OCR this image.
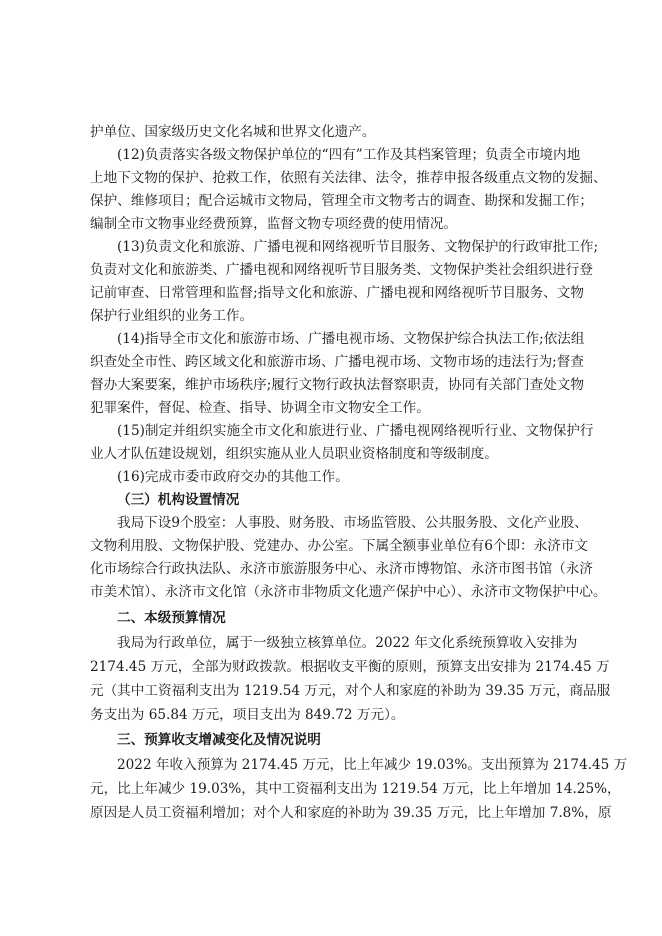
护单位、国家级历史文化名城和世界文化遗产。
(12)负责落实各级文物保护单位的“四有”工作及其档案管理；负责全市境内地
上地下文物的保护、抢救工作，依照有关法律、法令，推荐申报各级重点文物的发掘、
保护、维修项目；配合运城市文物局，管理全市文物考古的调查、勘探和发掘工作；
编制全市文物事业经费预算，监督文物专项经费的使用情况。
(13)负责文化和旅游、广播电视和网络视听节目服务、文物保护的行政审批工作;
负责对文化和旅游类、广播电视和网络视听节目服务类、文物保护类社会组织进行登
记前审查、日常管理和监督;指导文化和旅游、广播电视和网络视听节目服务、文物
保护行业组织的业务工作。
(14)指导全市文化和旅游市场、广播电视市场、文物保护综合执法工作;依法组
织查处全市性、跨区域文化和旅游市场、广播电视市场、文物市场的违法行为;督查
督办大案要案，维护市场秩序;履行文物行政执法督察职责，协同有关部门查处文物
犯罪案件，督促、检查、指导、协调全市文物安全工作。
(15)制定并组织实施全市文化和旅进行业、广播电视网络视听行业、文物保护行
业人才队伍建设规划，组织实施从业人员职业资格制度和等级制度。
(16)完成市委市政府交办的其他工作。
（三）机构设置情况
我局下设9个股室：人事股、财务股、市场监管股、公共服务股、文化产业股、
文物利用股、文物保护股、党建办、办公室。下属全额事业单位有6个即：永济市文
化市场综合行政执法队、永济市旅游服务中心、永济市博物馆、永济市图书馆（永济
市美术馆）、永济市文化馆（永济市非物质文化遗产保护中心）、永济市文物保护中心。
二、本级预算情况
我局为行政单位，属于一级独立核算单位。2022 年文化系统预算收入安排为
2174.45 万元，全部为财政拨款。根据收支平衡的原则，预算支出安排为 2174.45 万
元（其中工资福利支出为 1219.54 万元，对个人和家庭的补助为 39.35 万元，商品服
务支出为 65.84 万元，项目支出为 849.72 万元）。
三、预算收支增减变化及情况说明
2022 年收入预算为 2174.45 万元，比上年减少 19.03%。支出预算为 2174.45 万
元，比上年减少 19.03%，其中工资福利支出为 1219.54 万元，比上年增加 14.25%，
原因是人员工资福利增加；对个人和家庭的补助为 39.35 万元，比上年增加 7.8%，原
